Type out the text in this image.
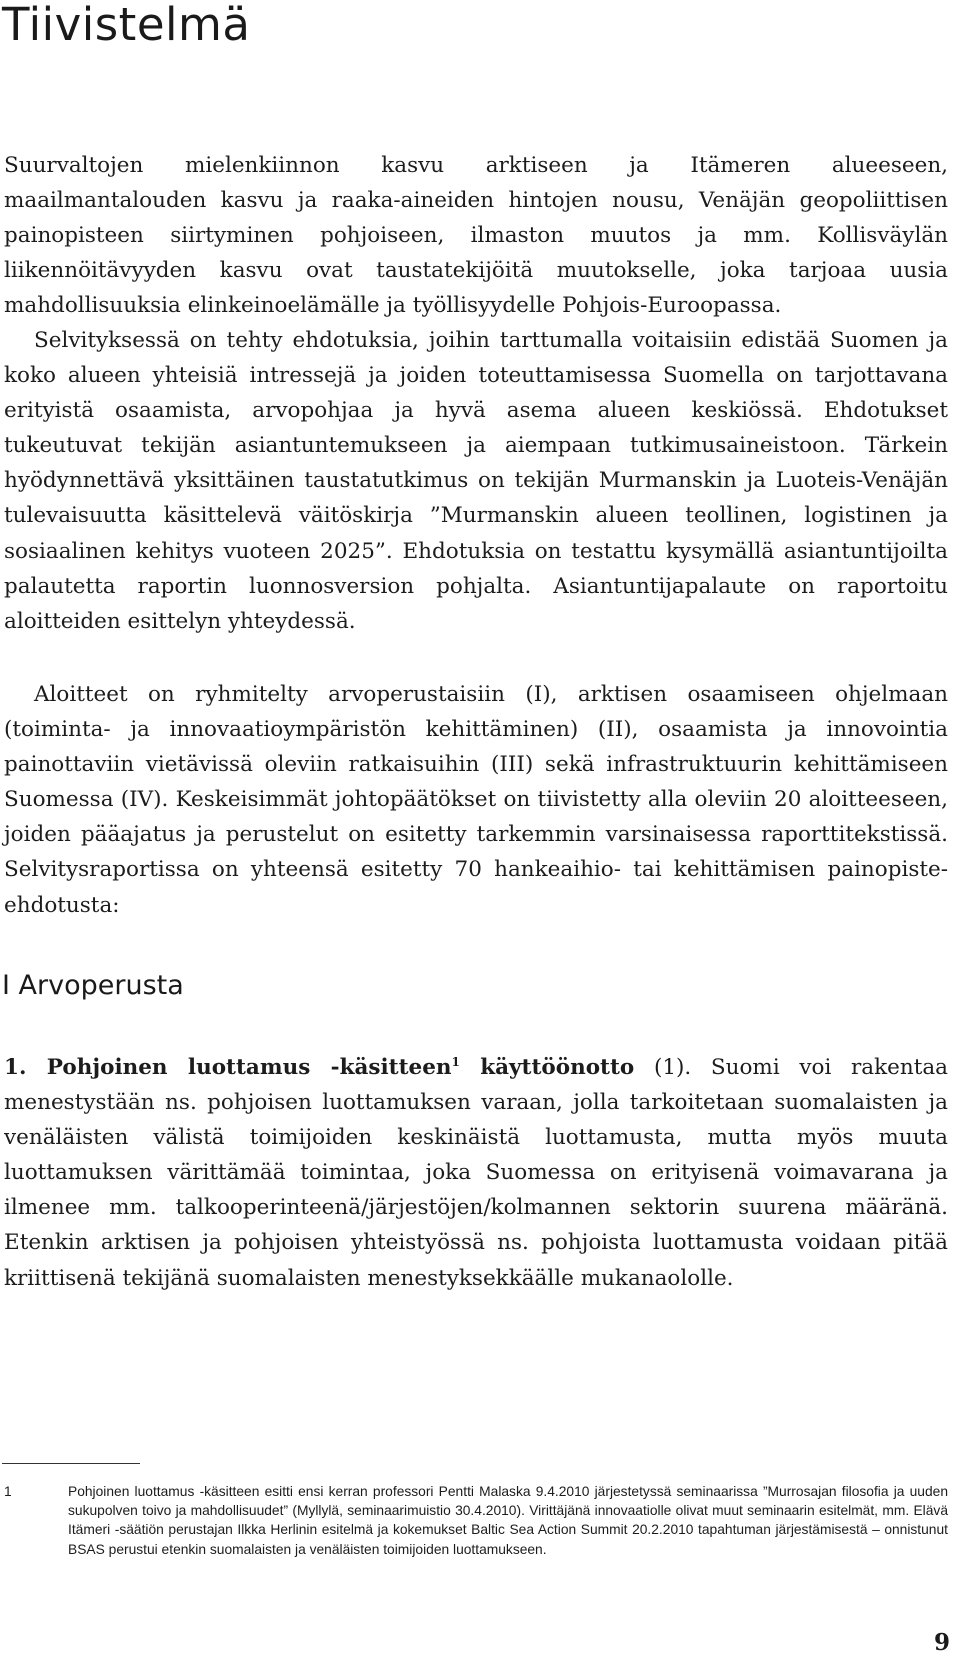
Tiivistelmä

Suurvaltojen mielenkiinnon kasvu arktiseen ja Itämeren alueeseen, maailmantalouden kasvu ja raaka-aineiden hintojen nousu, Venäjän geopoliittisen painopisteen siirtyminen pohjoiseen, ilmaston muutos ja mm. Kollisväylän liikennöitävyyden kasvu ovat taustatekijöitä muutokselle, joka tarjoaa uusia mahdollisuuksia elinkeinoelämälle ja työllisyydelle Pohjois-Euroopassa.

Selvityksessä on tehty ehdotuksia, joihin tarttumalla voitaisiin edistää Suomen ja koko alueen yhteisiä intressejä ja joiden toteuttamisessa Suomella on tarjottavana erityistä osaamista, arvopohjaa ja hyvä asema alueen keskiössä. Ehdotukset tukeutuvat tekijän asiantuntemukseen ja aiempaan tutkimusaineistoon. Tärkein hyödynnettävä yksittäinen taustatutkimus on tekijän Murmanskin ja Luoteis-Venäjän tulevaisuutta käsittelevä väitöskirja ”Murmanskin alueen teollinen, logistinen ja sosiaalinen kehitys vuoteen 2025”. Ehdotuksia on testattu kysymällä asiantuntijoilta palautetta raportin luonnosversion pohjalta. Asiantuntijapalaute on raportoitu aloitteiden esittelyn yhteydessä.

Aloitteet on ryhmitelty arvoperustaisiin (I), arktisen osaamiseen ohjelmaan (toiminta- ja innovaatioympäristön kehittäminen) (II), osaamista ja innovointia painottaviin vietävissä oleviin ratkaisuihin (III) sekä infrastruktuurin kehittämiseen Suomessa (IV). Keskeisimmät johtopäätökset on tiivistetty alla oleviin 20 aloitteeseen, joiden pääajatus ja perustelut on esitetty tarkemmin varsinaisessa raporttitekstissä. Selvitysraportissa on yhteensä esitetty 70 hankeaihio- tai kehittämisen painopiste-ehdotusta:

I Arvoperusta

1. Pohjoinen luottamus -käsitteen$^1$ käyttöönotto (1). Suomi voi rakentaa menestystään ns. pohjoisen luottamuksen varaan, jolla tarkoitetaan suomalaisten ja venäläisten välistä toimijoiden keskinäistä luottamusta, mutta myös muuta luottamuksen värittämää toimintaa, joka Suomessa on erityisenä voimavarana ja ilmenee mm. talkooperinteenä/järjestöjen/kolmannen sektorin suurena määränä. Etenkin arktisen ja pohjoisen yhteistyössä ns. pohjoista luottamusta voidaan pitää kriittisenä tekijänä suomalaisten menestyksekkäälle mukanaololle.

1	Pohjoinen luottamus -käsitteen esitti ensi kerran professori Pentti Malaska 9.4.2010 järjestetyssä seminaarissa ”Murrosajan filosofia ja uuden sukupolven toivo ja mahdollisuudet” (Myllylä, seminaarimuistio 30.4.2010). Virittäjänä innovaatiolle olivat muut seminaarin esitelmät, mm. Elävä Itämeri -säätiön perustajan Ilkka Herlinin esitelmä ja kokemukset Baltic Sea Action Summit 20.2.2010 tapahtuman järjestämisestä – onnistunut BSAS perustui etenkin suomalaisten ja venäläisten toimijoiden luottamukseen.

9
